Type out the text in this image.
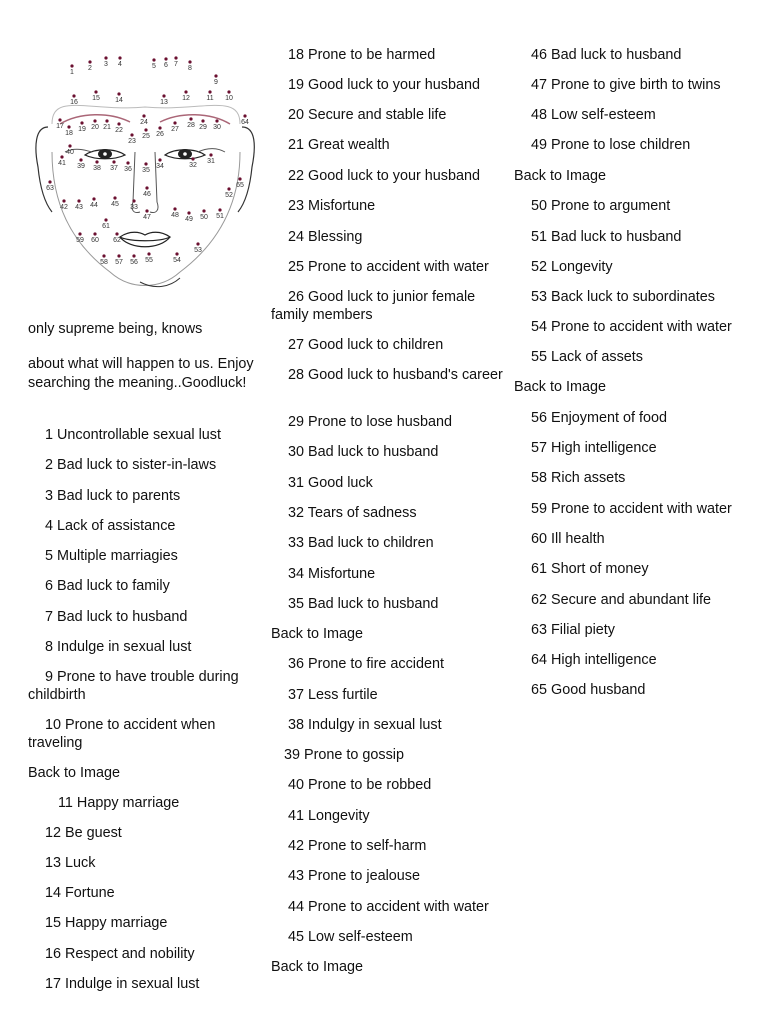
1
2
3 4	5 6 7
8
9
10
11
12
13
14
15
16
17
18
19 20 21 22
23
24
25 26
27
28 29 30
31
32
33
34
35
36
37
38
39
40
41
42 43 44 45
46
47	48
49 50 51
52
53
54
55
56
57
58
59 60
61
62
63
64
65
only supreme being, knows
about what will happen to us. Enjoy searching the meaning..Goodluck!
1 Uncontrollable sexual lust
2 Bad luck to sister-in-laws
3 Bad luck to parents
4 Lack of assistance
5 Multiple marriagies
6 Bad luck to family
7 Bad luck to husband
8 Indulge in sexual lust
9 Prone to have trouble during childbirth
10 Prone to accident when traveling
Back to Image
11 Happy marriage
12 Be guest
13 Luck
14 Fortune
15 Happy marriage
16 Respect and nobility
17 Indulge in sexual lust
18 Prone to be harmed
19 Good luck to your husband
20 Secure and stable life
21 Great wealth
22 Good luck to your husband
23 Misfortune
24 Blessing
25 Prone to accident with water
26 Good luck to junior female family members
27 Good luck to children
28 Good luck to husband's career
29 Prone to lose husband
30 Bad luck to husband
31 Good luck
32 Tears of sadness
33 Bad luck to children
34 Misfortune
35 Bad luck to husband
Back to Image
36 Prone to fire accident
37 Less furtile
38 Indulgy in sexual lust
39 Prone to gossip
40 Prone to be robbed
41 Longevity
42 Prone to self-harm
43 Prone to jealouse
44 Prone to accident with water
45 Low self-esteem
Back to Image
46 Bad luck to husband
47 Prone to give birth to twins
48 Low self-esteem
49 Prone to lose children
Back to Image
50 Prone to argument
51 Bad luck to husband
52 Longevity
53 Back luck to subordinates
54 Prone to accident with water
55 Lack of assets
Back to Image
56 Enjoyment of food
57 High intelligence
58 Rich assets
59 Prone to accident with water
60 Ill health
61 Short of money
62 Secure and abundant life
63 Filial piety
64 High intelligence
65 Good husband
